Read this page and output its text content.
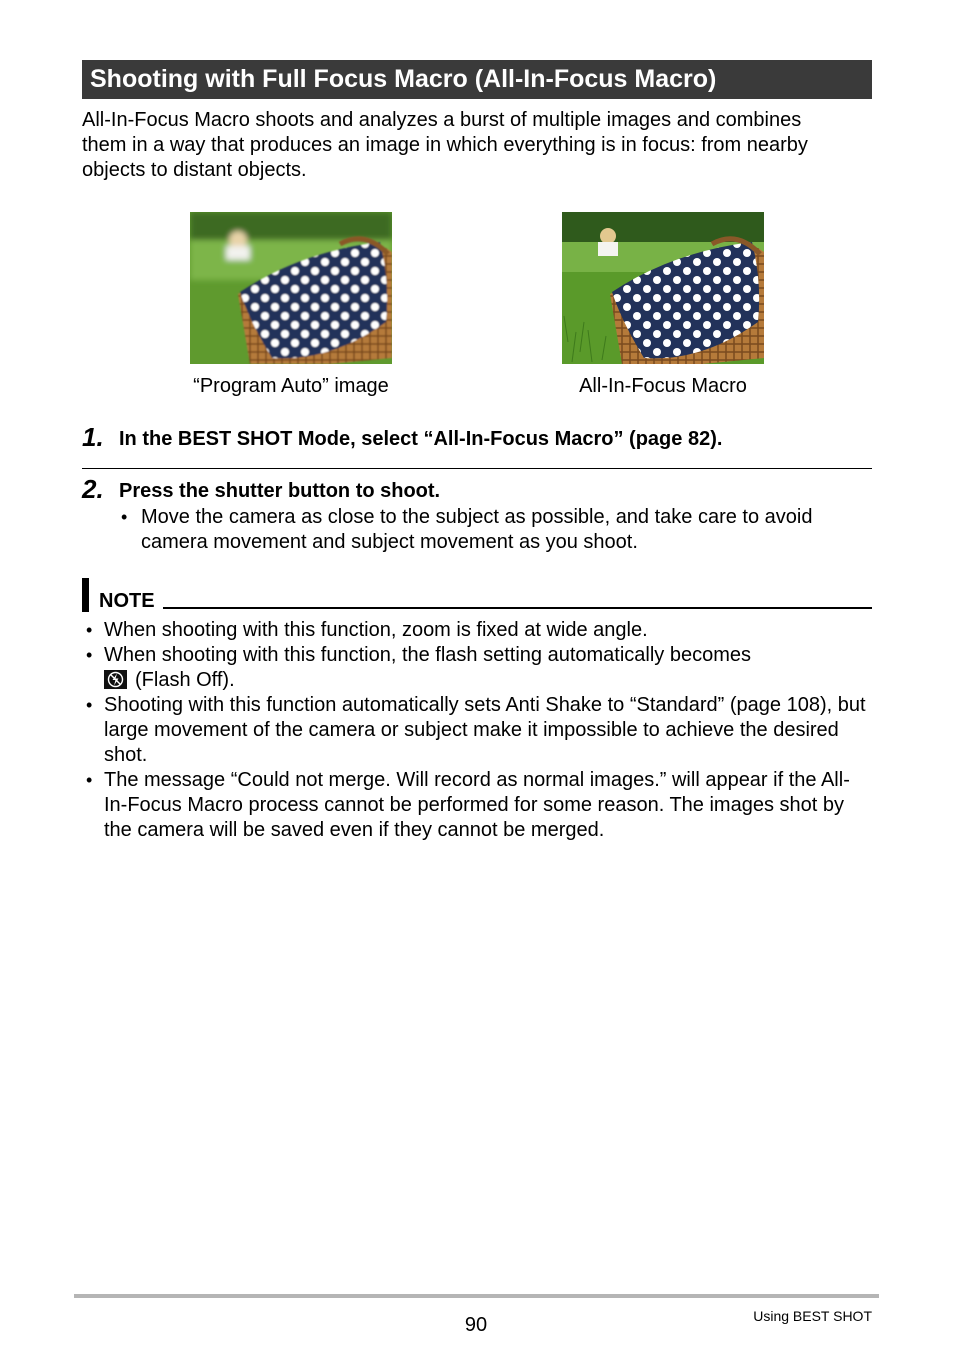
Shooting with Full Focus Macro (All-In-Focus Macro)

All-In-Focus Macro shoots and analyzes a burst of multiple images and combines

them in a way that produces an image in which everything is in focus: from nearby

objects to distant objects.

“Program Auto” image	All-In-Focus Macro
1. In the BEST SHOT Mode, select “All-In-Focus Macro” (page 82).
2. Press the shutter button to shoot.
• Move the camera as close to the subject as possible, and take care to avoid camera movement and subject movement as you shoot.
NOTE
• When shooting with this function, zoom is fixed at wide angle.
• When shooting with this function, the flash setting automatically becomes

(Flash Off).
• Shooting with this function automatically sets Anti Shake to “Standard” (page 108), but large movement of the camera or subject make it impossible to achieve the desired shot.
• The message “Could not merge. Will record as normal images.” will appear if the All-In-Focus Macro process cannot be performed for some reason. The images shot by the camera will be saved even if they cannot be merged.
90	Using BEST SHOT
